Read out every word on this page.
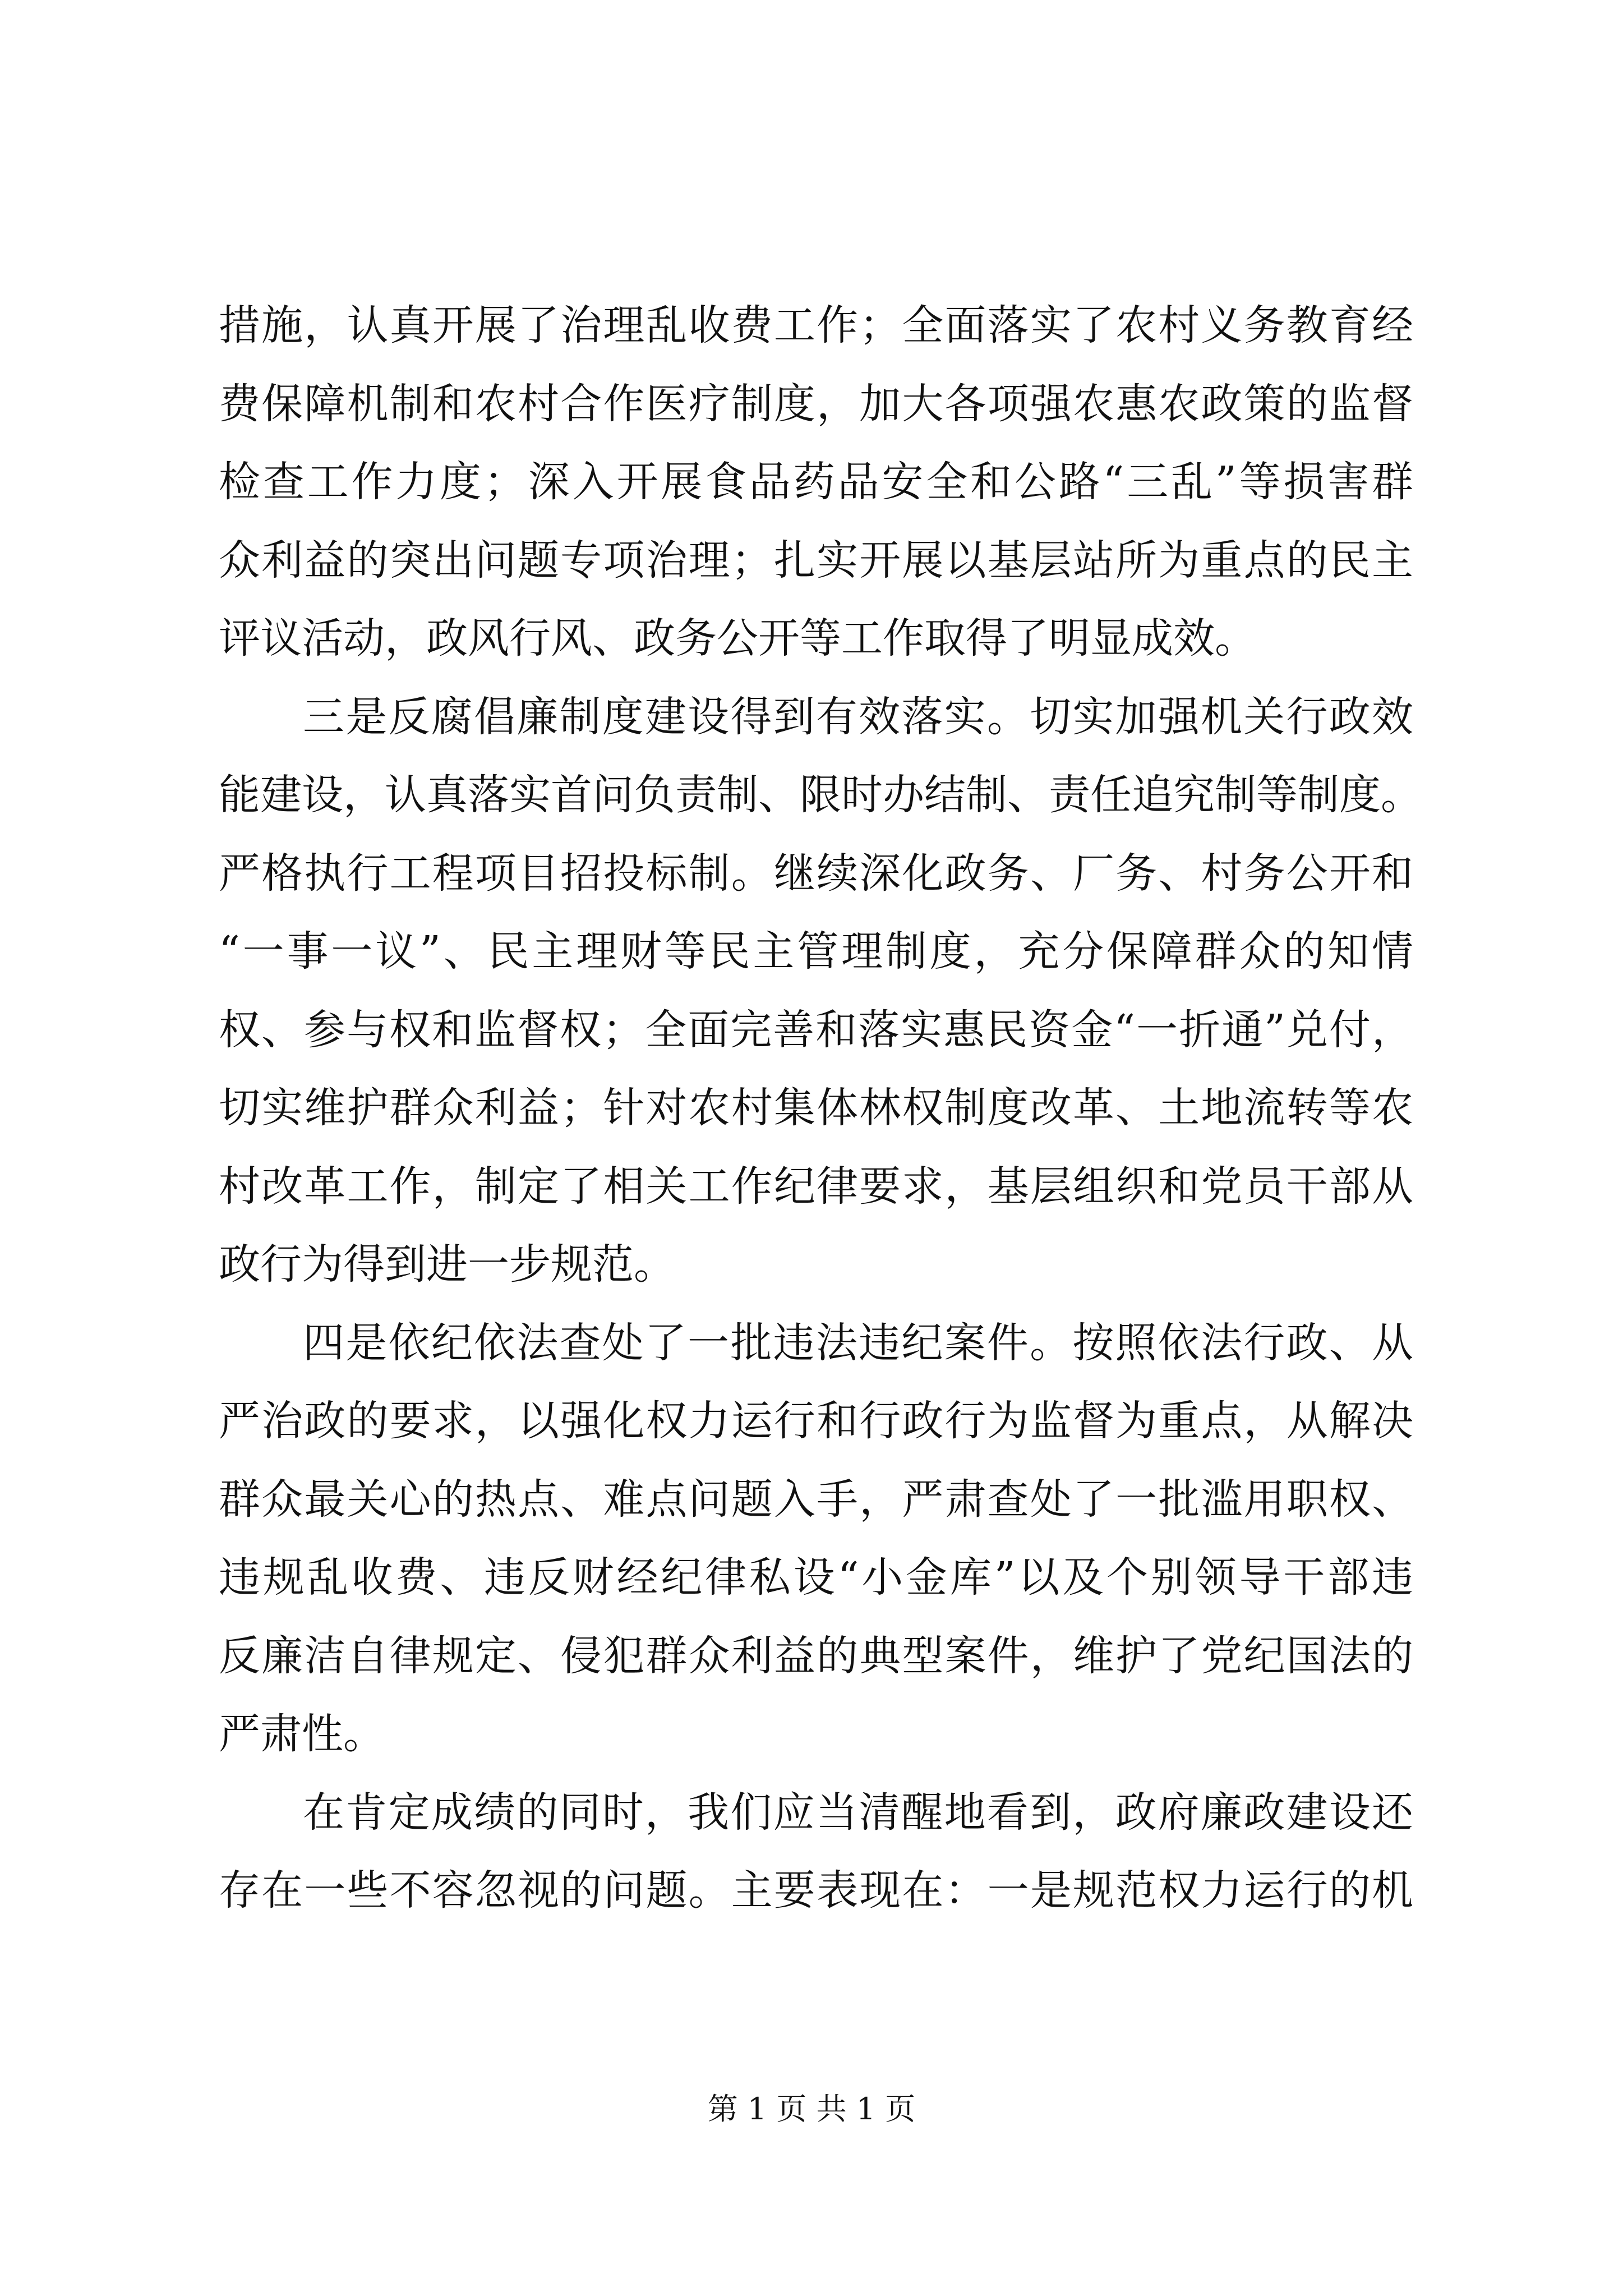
措施，认真开展了治理乱收费工作；全面落实了农村义务教育经
费保障机制和农村合作医疗制度，加大各项强农惠农政策的监督
检查工作力度；深入开展食品药品安全和公路“三乱”等损害群
众利益的突出问题专项治理；扎实开展以基层站所为重点的民主
评议活动，政风行风、政务公开等工作取得了明显成效。
三是反腐倡廉制度建设得到有效落实。切实加强机关行政效
能建设，认真落实首问负责制、限时办结制、责任追究制等制度。
严格执行工程项目招投标制。继续深化政务、厂务、村务公开和
“一事一议”、民主理财等民主管理制度，充分保障群众的知情
权、参与权和监督权；全面完善和落实惠民资金“一折通”兑付，
切实维护群众利益；针对农村集体林权制度改革、土地流转等农
村改革工作，制定了相关工作纪律要求，基层组织和党员干部从
政行为得到进一步规范。
四是依纪依法查处了一批违法违纪案件。按照依法行政、从
严治政的要求，以强化权力运行和行政行为监督为重点，从解决
群众最关心的热点、难点问题入手，严肃查处了一批滥用职权、
违规乱收费、违反财经纪律私设“小金库”以及个别领导干部违
反廉洁自律规定、侵犯群众利益的典型案件，维护了党纪国法的
严肃性。
在肯定成绩的同时，我们应当清醒地看到，政府廉政建设还
存在一些不容忽视的问题。主要表现在：一是规范权力运行的机
第 1 页 共 1 页
